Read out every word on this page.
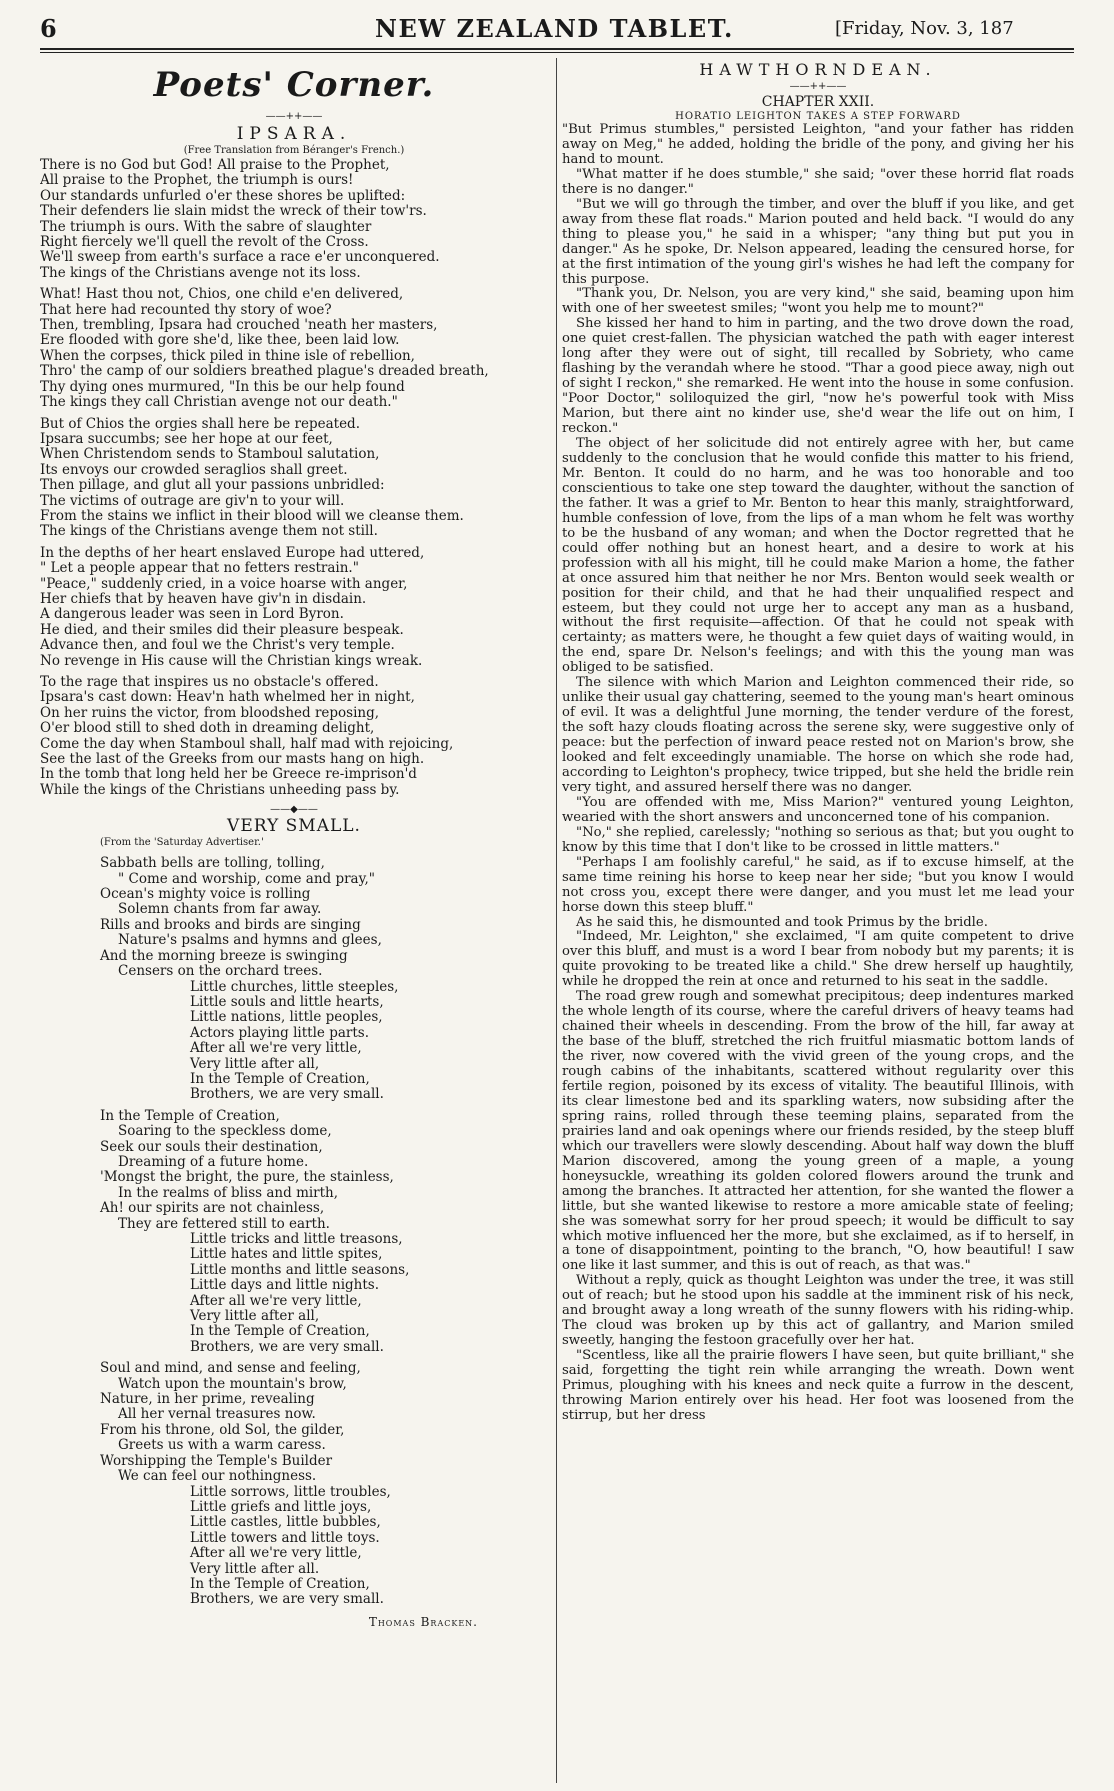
6	NEW ZEALAND TABLET.	[Friday, Nov. 3, 187
Poets' Corner.
——++——
IPSARA.
(Free Translation from Béranger's French.)
There is no God but God! All praise to the Prophet,
All praise to the Prophet, the triumph is ours!
Our standards unfurled o'er these shores be uplifted:
Their defenders lie slain midst the wreck of their tow'rs.
The triumph is ours. With the sabre of slaughter
Right fiercely we'll quell the revolt of the Cross.
We'll sweep from earth's surface a race e'er unconquered.
The kings of the Christians avenge not its loss.
What! Hast thou not, Chios, one child e'en delivered,
That here had recounted thy story of woe?
Then, trembling, Ipsara had crouched 'neath her masters,
Ere flooded with gore she'd, like thee, been laid low.
When the corpses, thick piled in thine isle of rebellion,
Thro' the camp of our soldiers breathed plague's dreaded breath,
Thy dying ones murmured, "In this be our help found
The kings they call Christian avenge not our death."
But of Chios the orgies shall here be repeated.
Ipsara succumbs; see her hope at our feet,
When Christendom sends to Stamboul salutation,
Its envoys our crowded seraglios shall greet.
Then pillage, and glut all your passions unbridled:
The victims of outrage are giv'n to your will.
From the stains we inflict in their blood will we cleanse them.
The kings of the Christians avenge them not still.
In the depths of her heart enslaved Europe had uttered,
" Let a people appear that no fetters restrain."
"Peace," suddenly cried, in a voice hoarse with anger,
Her chiefs that by heaven have giv'n in disdain.
A dangerous leader was seen in Lord Byron.
He died, and their smiles did their pleasure bespeak.
Advance then, and foul we the Christ's very temple.
No revenge in His cause will the Christian kings wreak.
To the rage that inspires us no obstacle's offered.
Ipsara's cast down: Heav'n hath whelmed her in night,
On her ruins the victor, from bloodshed reposing,
O'er blood still to shed doth in dreaming delight,
Come the day when Stamboul shall, half mad with rejoicing,
See the last of the Greeks from our masts hang on high.
In the tomb that long held her be Greece re-imprison'd
While the kings of the Christians unheeding pass by.
——◆——
VERY SMALL.
(From the 'Saturday Advertiser.'
Sabbath bells are tolling, tolling,
" Come and worship, come and pray,"
Ocean's mighty voice is rolling
Solemn chants from far away.
Rills and brooks and birds are singing
Nature's psalms and hymns and glees,
And the morning breeze is swinging
Censers on the orchard trees.
Little churches, little steeples,
Little souls and little hearts,
Little nations, little peoples,
Actors playing little parts.
After all we're very little,
Very little after all,
In the Temple of Creation,
Brothers, we are very small.
In the Temple of Creation,
Soaring to the speckless dome,
Seek our souls their destination,
Dreaming of a future home.
'Mongst the bright, the pure, the stainless,
In the realms of bliss and mirth,
Ah! our spirits are not chainless,
They are fettered still to earth.
Little tricks and little treasons,
Little hates and little spites,
Little months and little seasons,
Little days and little nights.
After all we're very little,
Very little after all,
In the Temple of Creation,
Brothers, we are very small.
Soul and mind, and sense and feeling,
Watch upon the mountain's brow,
Nature, in her prime, revealing
All her vernal treasures now.
From his throne, old Sol, the gilder,
Greets us with a warm caress.
Worshipping the Temple's Builder
We can feel our nothingness.
Little sorrows, little troubles,
Little griefs and little joys,
Little castles, little bubbles,
Little towers and little toys.
After all we're very little,
Very little after all.
In the Temple of Creation,
Brothers, we are very small.
Thomas Bracken.
HAWTHORNDEAN.
——++——
CHAPTER XXII.
HORATIO LEIGHTON TAKES A STEP FORWARD

"But Primus stumbles," persisted Leighton, "and your father has ridden away on Meg," he added, holding the bridle of the pony, and giving her his hand to mount.

"What matter if he does stumble," she said; "over these horrid flat roads there is no danger."

"But we will go through the timber, and over the bluff if you like, and get away from these flat roads." Marion pouted and held back. "I would do any thing to please you," he said in a whisper; "any thing but put you in danger." As he spoke, Dr. Nelson appeared, leading the censured horse, for at the first intimation of the young girl's wishes he had left the company for this purpose.

"Thank you, Dr. Nelson, you are very kind," she said, beaming upon him with one of her sweetest smiles; "wont you help me to mount?"

She kissed her hand to him in parting, and the two drove down the road, one quiet crest-fallen. The physician watched the path with eager interest long after they were out of sight, till recalled by Sobriety, who came flashing by the verandah where he stood. "Thar a good piece away, nigh out of sight I reckon," she remarked. He went into the house in some confusion. "Poor Doctor," soliloquized the girl, "now he's powerful took with Miss Marion, but there aint no kinder use, she'd wear the life out on him, I reckon."

The object of her solicitude did not entirely agree with her, but came suddenly to the conclusion that he would confide this matter to his friend, Mr. Benton. It could do no harm, and he was too honorable and too conscientious to take one step toward the daughter, without the sanction of the father. It was a grief to Mr. Benton to hear this manly, straightforward, humble confession of love, from the lips of a man whom he felt was worthy to be the husband of any woman; and when the Doctor regretted that he could offer nothing but an honest heart, and a desire to work at his profession with all his might, till he could make Marion a home, the father at once assured him that neither he nor Mrs. Benton would seek wealth or position for their child, and that he had their unqualified respect and esteem, but they could not urge her to accept any man as a husband, without the first requisite—affection. Of that he could not speak with certainty; as matters were, he thought a few quiet days of waiting would, in the end, spare Dr. Nelson's feelings; and with this the young man was obliged to be satisfied.

The silence with which Marion and Leighton commenced their ride, so unlike their usual gay chattering, seemed to the young man's heart ominous of evil. It was a delightful June morning, the tender verdure of the forest, the soft hazy clouds floating across the serene sky, were suggestive only of peace: but the perfection of inward peace rested not on Marion's brow, she looked and felt exceedingly unamiable. The horse on which she rode had, according to Leighton's prophecy, twice tripped, but she held the bridle rein very tight, and assured herself there was no danger.

"You are offended with me, Miss Marion?" ventured young Leighton, wearied with the short answers and unconcerned tone of his companion.

"No," she replied, carelessly; "nothing so serious as that; but you ought to know by this time that I don't like to be crossed in little matters."

"Perhaps I am foolishly careful," he said, as if to excuse himself, at the same time reining his horse to keep near her side; "but you know I would not cross you, except there were danger, and you must let me lead your horse down this steep bluff."

As he said this, he dismounted and took Primus by the bridle.

"Indeed, Mr. Leighton," she exclaimed, "I am quite competent to drive over this bluff, and must is a word I bear from nobody but my parents; it is quite provoking to be treated like a child." She drew herself up haughtily, while he dropped the rein at once and returned to his seat in the saddle.

The road grew rough and somewhat precipitous; deep indentures marked the whole length of its course, where the careful drivers of heavy teams had chained their wheels in descending. From the brow of the hill, far away at the base of the bluff, stretched the rich fruitful miasmatic bottom lands of the river, now covered with the vivid green of the young crops, and the rough cabins of the inhabitants, scattered without regularity over this fertile region, poisoned by its excess of vitality. The beautiful Illinois, with its clear limestone bed and its sparkling waters, now subsiding after the spring rains, rolled through these teeming plains, separated from the prairies land and oak openings where our friends resided, by the steep bluff which our travellers were slowly descending. About half way down the bluff Marion discovered, among the young green of a maple, a young honeysuckle, wreathing its golden colored flowers around the trunk and among the branches. It attracted her attention, for she wanted the flower a little, but she wanted likewise to restore a more amicable state of feeling; she was somewhat sorry for her proud speech; it would be difficult to say which motive influenced her the more, but she exclaimed, as if to herself, in a tone of disappointment, pointing to the branch, "O, how beautiful! I saw one like it last summer, and this is out of reach, as that was."

Without a reply, quick as thought Leighton was under the tree, it was still out of reach; but he stood upon his saddle at the imminent risk of his neck, and brought away a long wreath of the sunny flowers with his riding-whip. The cloud was broken up by this act of gallantry, and Marion smiled sweetly, hanging the festoon gracefully over her hat.

"Scentless, like all the prairie flowers I have seen, but quite brilliant," she said, forgetting the tight rein while arranging the wreath. Down went Primus, ploughing with his knees and neck quite a furrow in the descent, throwing Marion entirely over his head. Her foot was loosened from the stirrup, but her dress
